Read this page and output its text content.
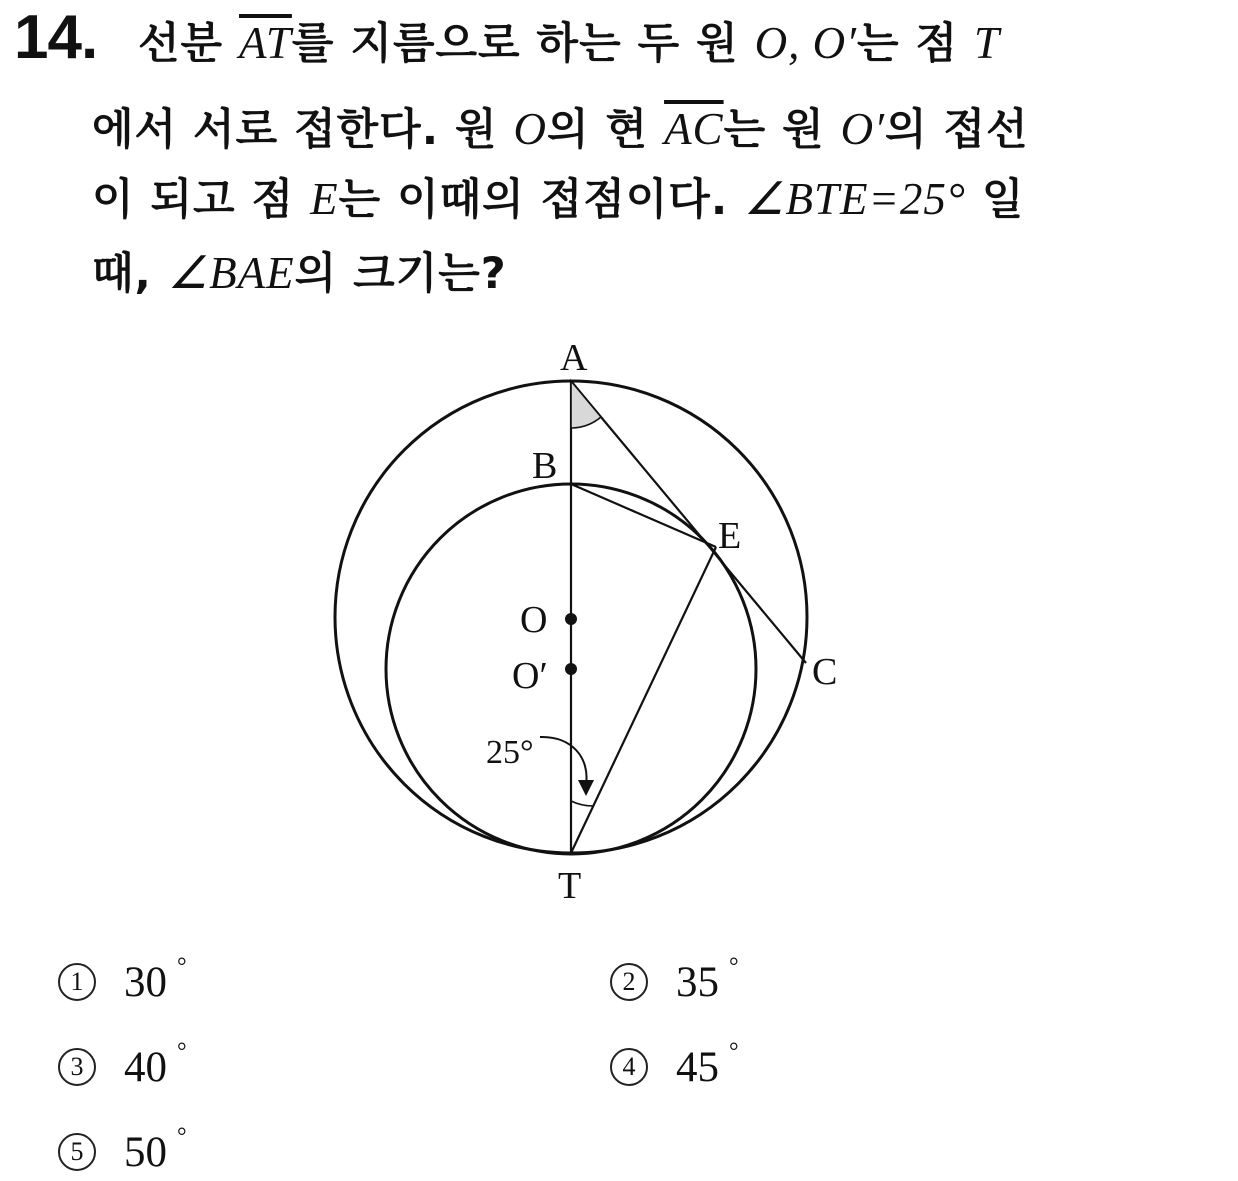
14. 선분 $\overline{AT}$를 지름으로 하는 두 원 O, O′는 점 T
에서 서로 접한다. 원 O의 현 $\overline{AC}$는 원 O′의 접선
이 되고 점 E는 이때의 접점이다. ∠BTE=25° 일
때, ∠BAE의 크기는?
A
B
E
O
O′	C
T
25°
1 30 °
2 35 °
3 40 °
4 45 °
5 50 °
